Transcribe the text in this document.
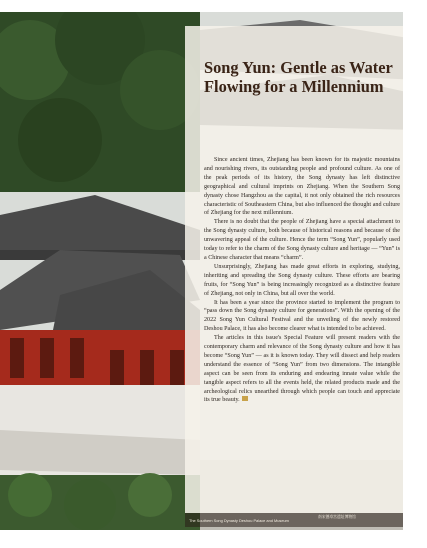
Song Yun: Gentle as Water Flowing for a Millennium

Since ancient times, Zhejiang has been known for its majestic mountains and nourishing rivers, its outstanding people and profound culture. As one of the peak periods of its history, the Song dynasty has left distinctive geographical and cultural imprints on Zhejiang. When the Southern Song dynasty chose Hangzhou as the capital, it not only obtained the rich resources characteristic of Southeastern China, but also influenced the thought and culture of Zhejiang for the next millennium.

There is no doubt that the people of Zhejiang have a special attachment to the Song dynasty culture, both because of historical reasons and because of the unwavering appeal of the culture. Hence the term “Song Yun”, popularly used today to refer to the charm of the Song dynasty culture and heritage — “Yun” is a Chinese character that means “charm”.

Unsurprisingly, Zhejiang has made great efforts in exploring, studying, inheriting and spreading the Song dynasty culture. These efforts are bearing fruits, for “Song Yun” is being increasingly recognized as a distinctive feature of Zhejiang, not only in China, but all over the world.

It has been a year since the province started to implement the program to “pass down the Song dynasty culture for generations”. With the opening of the 2022 Song Yun Cultural Festival and the unveiling of the newly restored Deshou Palace, it has also become clearer what is intended to be achieved.

The articles in this issue's Special Feature will present readers with the contemporary charm and relevance of the Song dynasty culture and how it has become “Song Yun” — as it is known today. They will dissect and help readers understand the essence of “Song Yun” from two dimensions. The intangible aspect can be seen from its enduring and endearing innate value while the tangible aspect refers to all the events held, the related products made and the archeological relics unearthed through which people can touch and appreciate its true beauty.

南宋德寿宫遗址博物馆
The Southern Song Dynasty Deshou Palace and Museum
